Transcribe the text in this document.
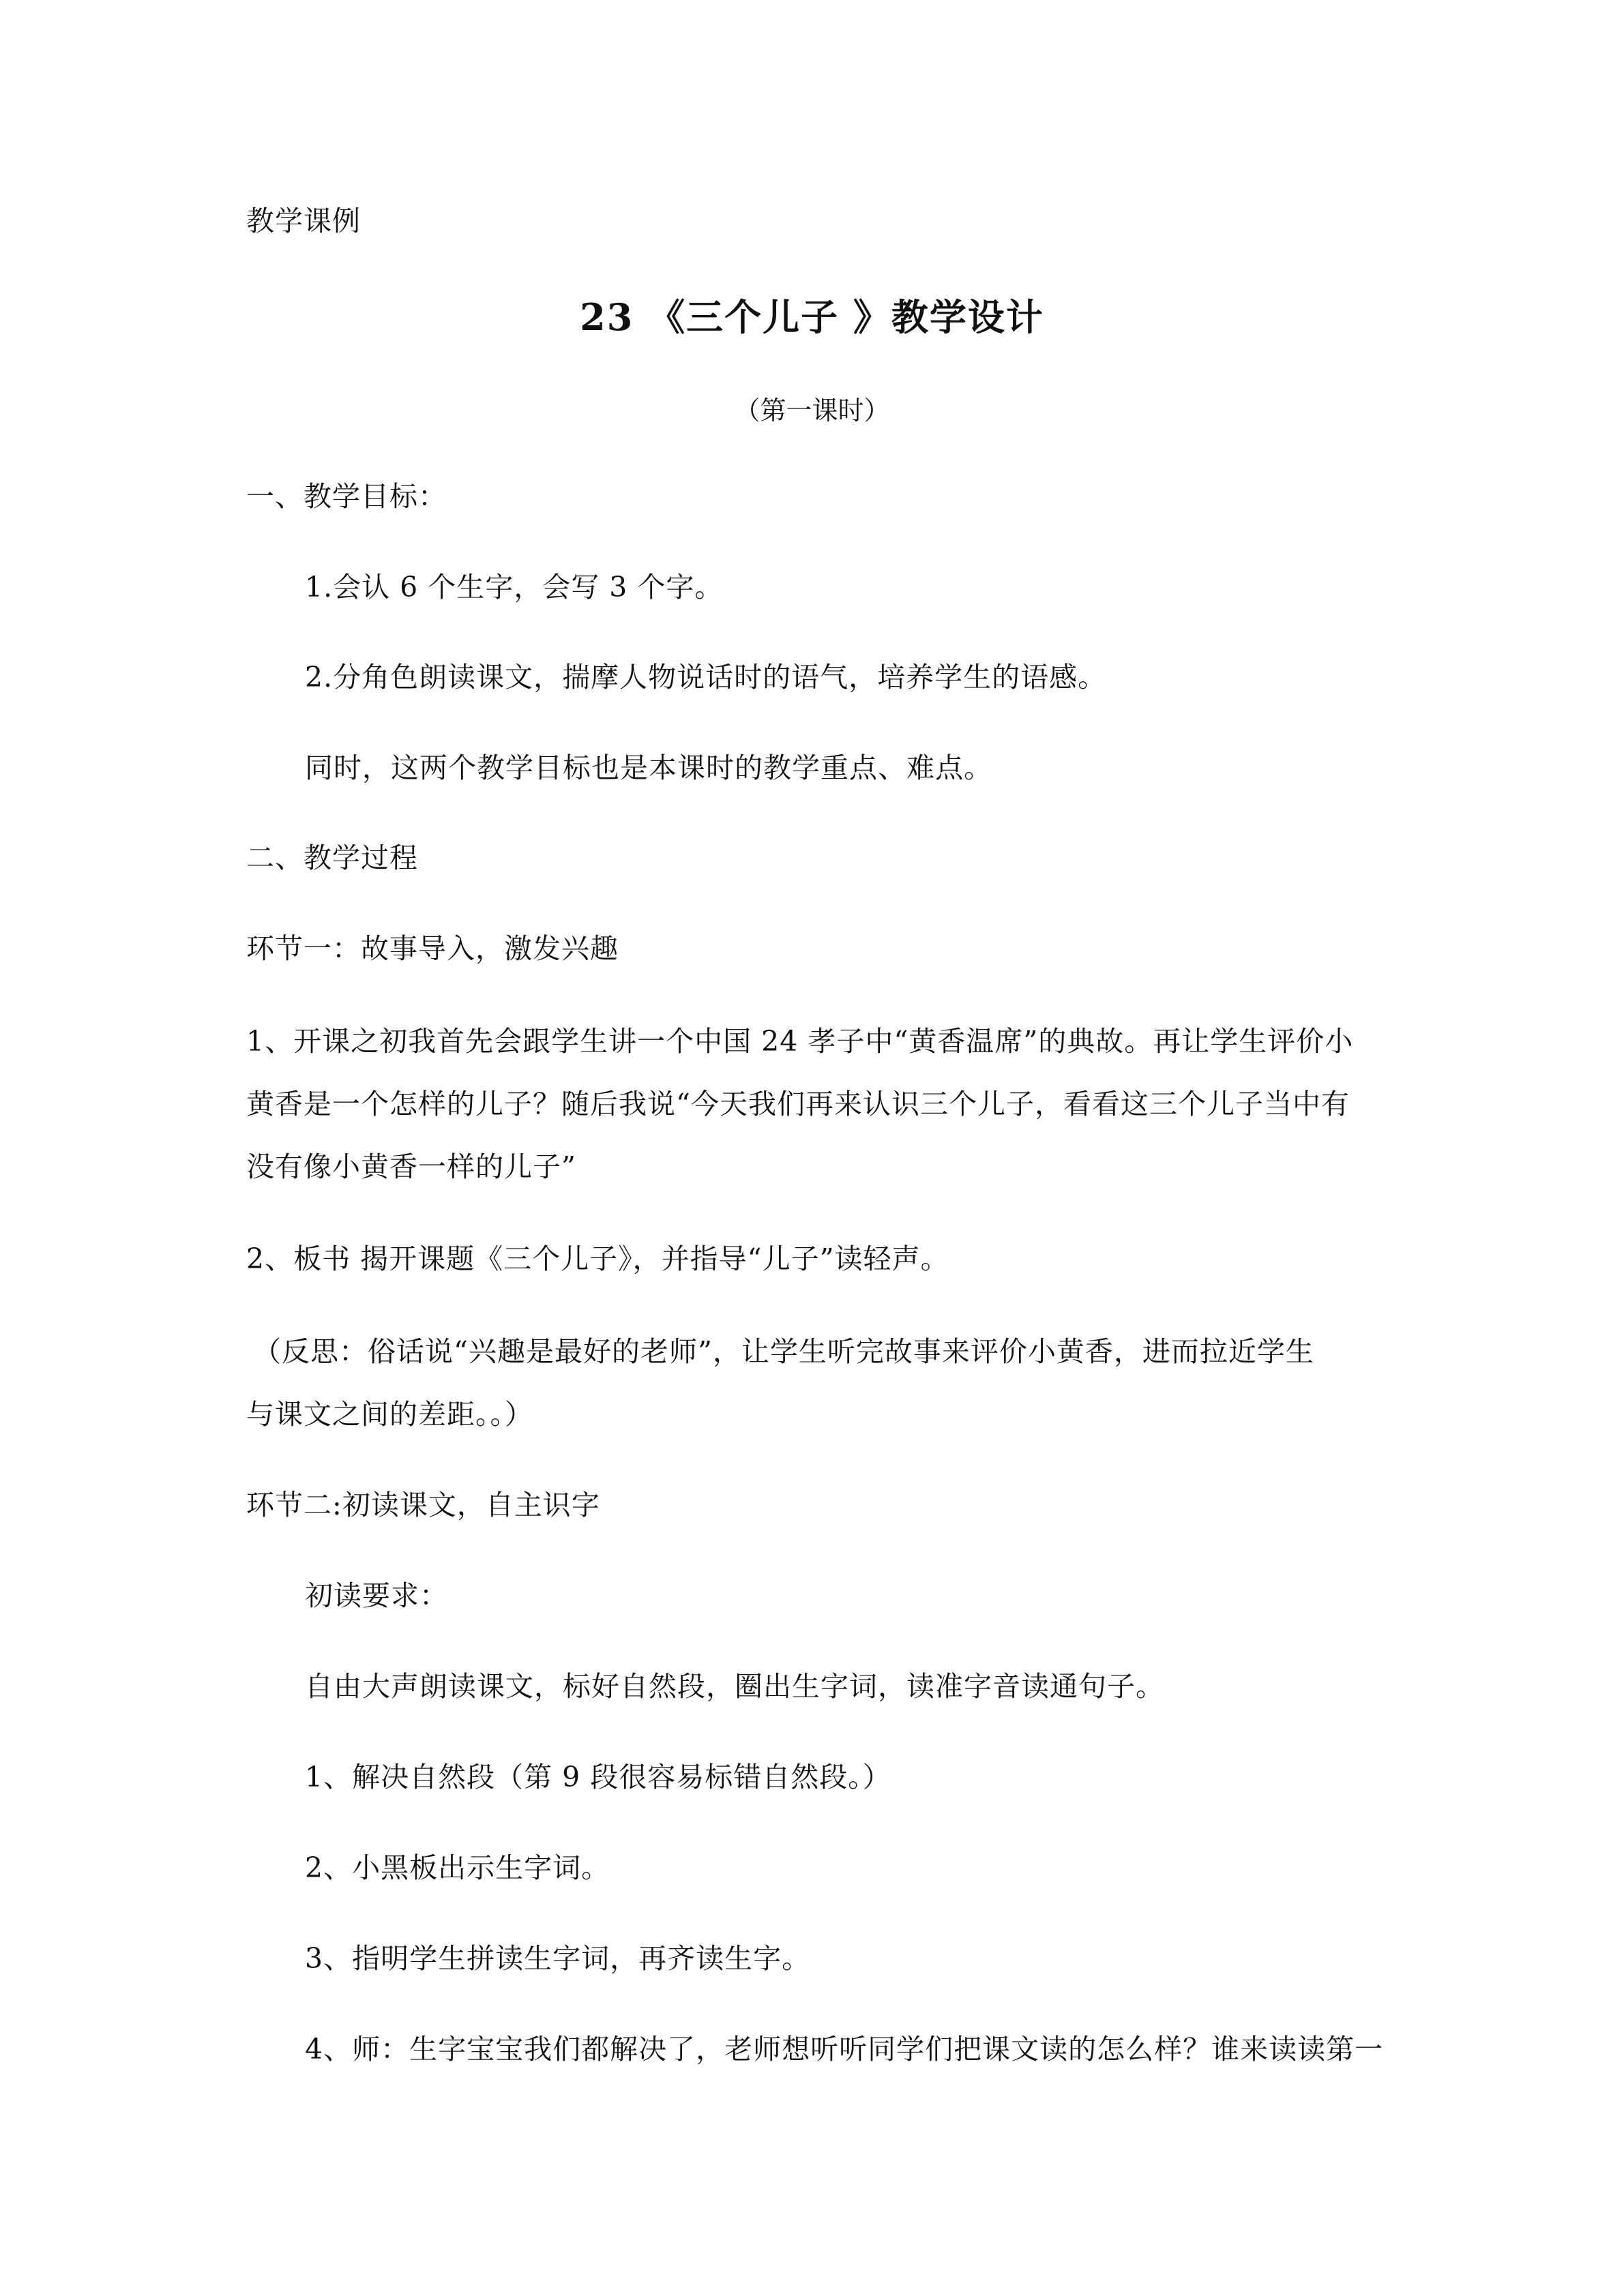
教学课例
23 《三个儿子 》教学设计
（第一课时）
一、教学目标：
1.会认 6 个生字，会写 3 个字。
2.分角色朗读课文，揣摩人物说话时的语气，培养学生的语感。
同时，这两个教学目标也是本课时的教学重点、难点。
二、教学过程
环节一：故事导入，激发兴趣
1、开课之初我首先会跟学生讲一个中国 24 孝子中“黄香温席”的典故。再让学生评价小
黄香是一个怎样的儿子？随后我说“今天我们再来认识三个儿子，看看这三个儿子当中有
没有像小黄香一样的儿子”
2、板书 揭开课题《三个儿子》，并指导“儿子”读轻声。
（反思：俗话说“兴趣是最好的老师”，让学生听完故事来评价小黄香，进而拉近学生
与课文之间的差距。。）
环节二:初读课文，自主识字
初读要求：
自由大声朗读课文，标好自然段，圈出生字词，读准字音读通句子。
1、解决自然段（第 9 段很容易标错自然段。）
2、小黑板出示生字词。
3、指明学生拼读生字词，再齐读生字。
4、师：生字宝宝我们都解决了，老师想听听同学们把课文读的怎么样？谁来读读第一
